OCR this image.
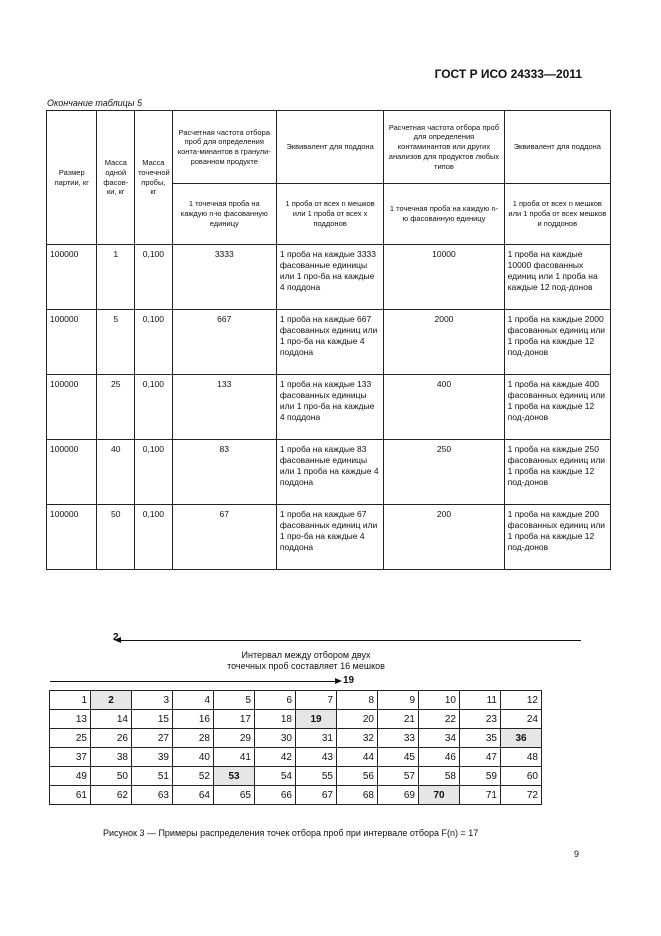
ГОСТ Р ИСО 24333—2011
Окончание таблицы 5
Размер партии, кг	Масса одной фасов-ки, кг	Масса точечной пробы, кг	Расчетная частота отбора проб для определения конта-минантов в гранули-рованном продукте	Эквивалент для поддона	Расчетная частота отбора проб для определения контаминантов или других анализов для продуктов любых типов	Эквивалент для поддона
			1 точечная проба на каждую n-ю фасованную единицу	1 проба от всех n мешков или 1 проба от всех x поддонов	1 точечная проба на каждую n-ю фасованную единицу	1 проба от всех n мешков или 1 проба от всех мешков и поддонов
100000	1	0,100	3333	1 проба на каждые 3333 фасованные единицы или 1 про-ба на каждые 4 поддона	10000	1 проба на каждые 10000 фасованных единиц или 1 проба на каждые 12 под-донов
100000	5	0,100	667	1 проба на каждые 667 фасованных единиц или 1 про-ба на каждые 4 поддона	2000	1 проба на каждые 2000 фасованных единиц или 1 проба на каждые 12 под-донов
100000	25	0,100	133	1 проба на каждые 133 фасованных единицы или 1 про-ба на каждые 4 поддона	400	1 проба на каждые 400 фасованных единиц или 1 проба на каждые 12 под-донов
100000	40	0,100	83	1 проба на каждые 83 фасованные единицы или 1 проба на каждые 4 поддона	250	1 проба на каждые 250 фасованных единиц или 1 проба на каждые 12 под-донов
100000	50	0,100	67	1 проба на каждые 67 фасованных единиц или 1 про-ба на каждые 4 поддона	200	1 проба на каждые 200 фасованных единиц или 1 проба на каждые 12 под-донов
Интервал между отбором двух точечных проб составляет 16 мешков
19
1	2	3	4	5	6	7	8	9	10	11	12
13	14	15	16	17	18	19	20	21	22	23	24
25	26	27	28	29	30	31	32	33	34	35	36
37	38	39	40	41	42	43	44	45	46	47	48
49	50	51	52	53	54	55	56	57	58	59	60
61	62	63	64	65	66	67	68	69	70	71	72
Рисунок 3 — Примеры распределения точек отбора проб при интервале отбора F(n) = 17
9
